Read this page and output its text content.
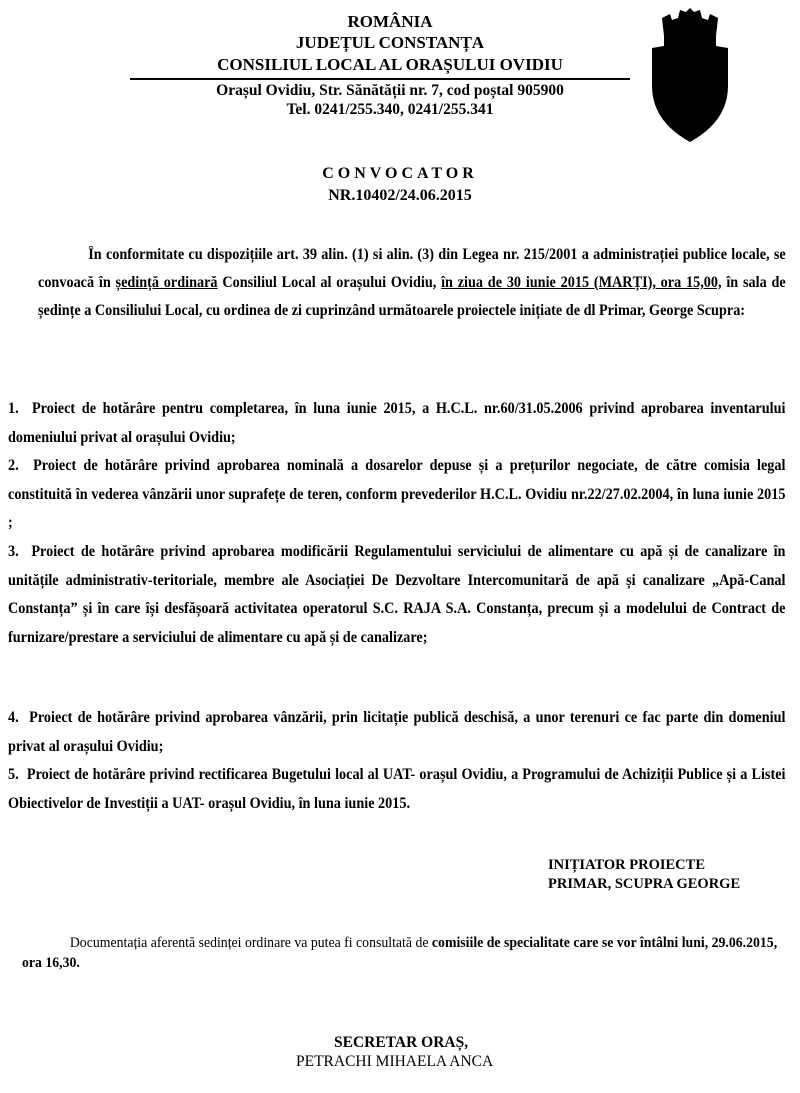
ROMÂNIA
JUDEȚUL CONSTANȚA
CONSILIUL LOCAL AL ORAȘULUI OVIDIU
Orașul Ovidiu, Str. Sănătății nr. 7, cod poștal 905900
Tel. 0241/255.340, 0241/255.341
CONVOCATOR
NR.10402/24.06.2015
În conformitate cu dispozițiile art. 39 alin. (1) si alin. (3) din Legea nr. 215/2001 a administrației publice locale, se convoacă în ședință ordinară Consiliul Local al orașului Ovidiu, în ziua de 30 iunie 2015 (MARȚI), ora 15,00, în sala de ședințe a Consiliului Local, cu ordinea de zi cuprinzând următoarele proiectele inițiate de dl Primar, George Scupra:
1. Proiect de hotărâre pentru completarea, în luna iunie 2015, a H.C.L. nr.60/31.05.2006 privind aprobarea inventarului domeniului privat al orașului Ovidiu;
2. Proiect de hotărâre privind aprobarea nominală a dosarelor depuse și a prețurilor negociate, de către comisia legal constituită în vederea vânzării unor suprafețe de teren, conform prevederilor H.C.L. Ovidiu nr.22/27.02.2004, în luna iunie 2015 ;
3. Proiect de hotărâre privind aprobarea modificării Regulamentului serviciului de alimentare cu apă și de canalizare în unitățile administrativ-teritoriale, membre ale Asociației De Dezvoltare Intercomunitară de apă și canalizare „Apă-Canal Constanța” și în care își desfășoară activitatea operatorul S.C. RAJA S.A. Constanța, precum și a modelului de Contract de furnizare/prestare a serviciului de alimentare cu apă și de canalizare;
4. Proiect de hotărâre privind aprobarea vânzării, prin licitație publică deschisă, a unor terenuri ce fac parte din domeniul privat al orașului Ovidiu;
5. Proiect de hotărâre privind rectificarea Bugetului local al UAT- orașul Ovidiu, a Programului de Achiziții Publice și a Listei Obiectivelor de Investiții a UAT- orașul Ovidiu, în luna iunie 2015.
INIȚIATOR PROIECTE
PRIMAR, SCUPRA GEORGE
Documentația aferentă sedinței ordinare va putea fi consultată de comisiile de specialitate care se vor întâlni luni, 29.06.2015, ora 16,30.
SECRETAR ORAȘ,
PETRACHI MIHAELA ANCA
